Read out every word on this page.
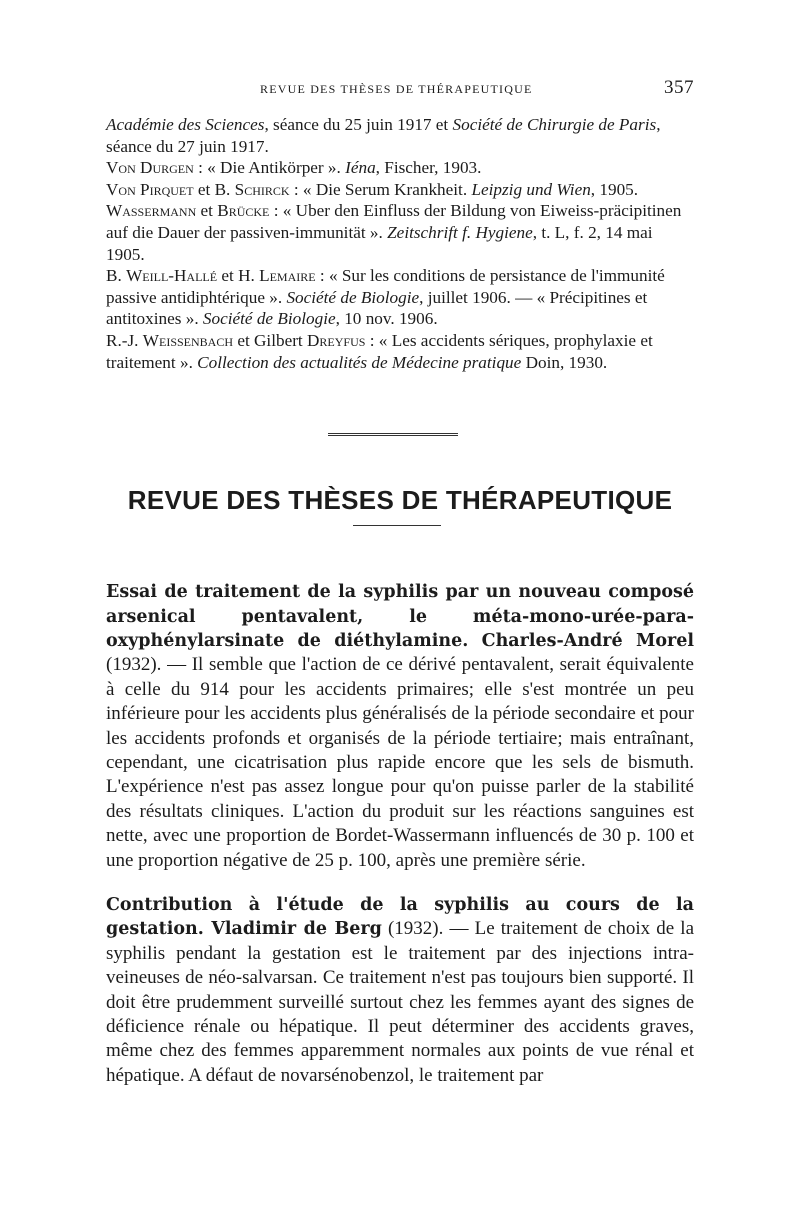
REVUE DES THÈSES DE THÉRAPEUTIQUE	357

Académie des Sciences, séance du 25 juin 1917 et Société de Chirurgie de Paris, séance du 27 juin 1917.

Von Durgen : « Die Antikörper ». Iéna, Fischer, 1903.

Von Pirquet et B. Schirck : « Die Serum Krankheit. Leipzig und Wien, 1905.

Wassermann et Brücke : « Uber den Einfluss der Bildung von Eiweiss-präcipitinen auf die Dauer der passiven-immunität ». Zeitschrift f. Hygiene, t. L, f. 2, 14 mai 1905.

B. Weill-Hallé et H. Lemaire : « Sur les conditions de persistance de l'immunité passive antidiphtérique ». Société de Biologie, juillet 1906. — « Précipitines et antitoxines ». Société de Biologie, 10 nov. 1906.

R.-J. Weissenbach et Gilbert Dreyfus : « Les accidents sériques, prophylaxie et traitement ». Collection des actualités de Médecine pratique Doin, 1930.

REVUE DES THÈSES DE THÉRAPEUTIQUE

Essai de traitement de la syphilis par un nouveau composé arsenical pentavalent, le méta-mono-urée-para-oxyphénylarsinate de diéthylamine. Charles-André Morel (1932). — Il semble que l'action de ce dérivé pentavalent, serait équivalente à celle du 914 pour les accidents primaires; elle s'est montrée un peu inférieure pour les accidents plus généralisés de la période secondaire et pour les accidents profonds et organisés de la période tertiaire; mais entraînant, cependant, une cicatrisation plus rapide encore que les sels de bismuth. L'expérience n'est pas assez longue pour qu'on puisse parler de la stabilité des résultats cliniques. L'action du produit sur les réactions sanguines est nette, avec une proportion de Bordet-Wassermann influencés de 30 p. 100 et une proportion négative de 25 p. 100, après une première série.

Contribution à l'étude de la syphilis au cours de la gestation. Vladimir de Berg (1932). — Le traitement de choix de la syphilis pendant la gestation est le traitement par des injections intra-veineuses de néo-salvarsan. Ce traitement n'est pas toujours bien supporté. Il doit être prudemment surveillé surtout chez les femmes ayant des signes de déficience rénale ou hépatique. Il peut déterminer des accidents graves, même chez des femmes apparemment normales aux points de vue rénal et hépatique. A défaut de novarsénobenzol, le traitement par
